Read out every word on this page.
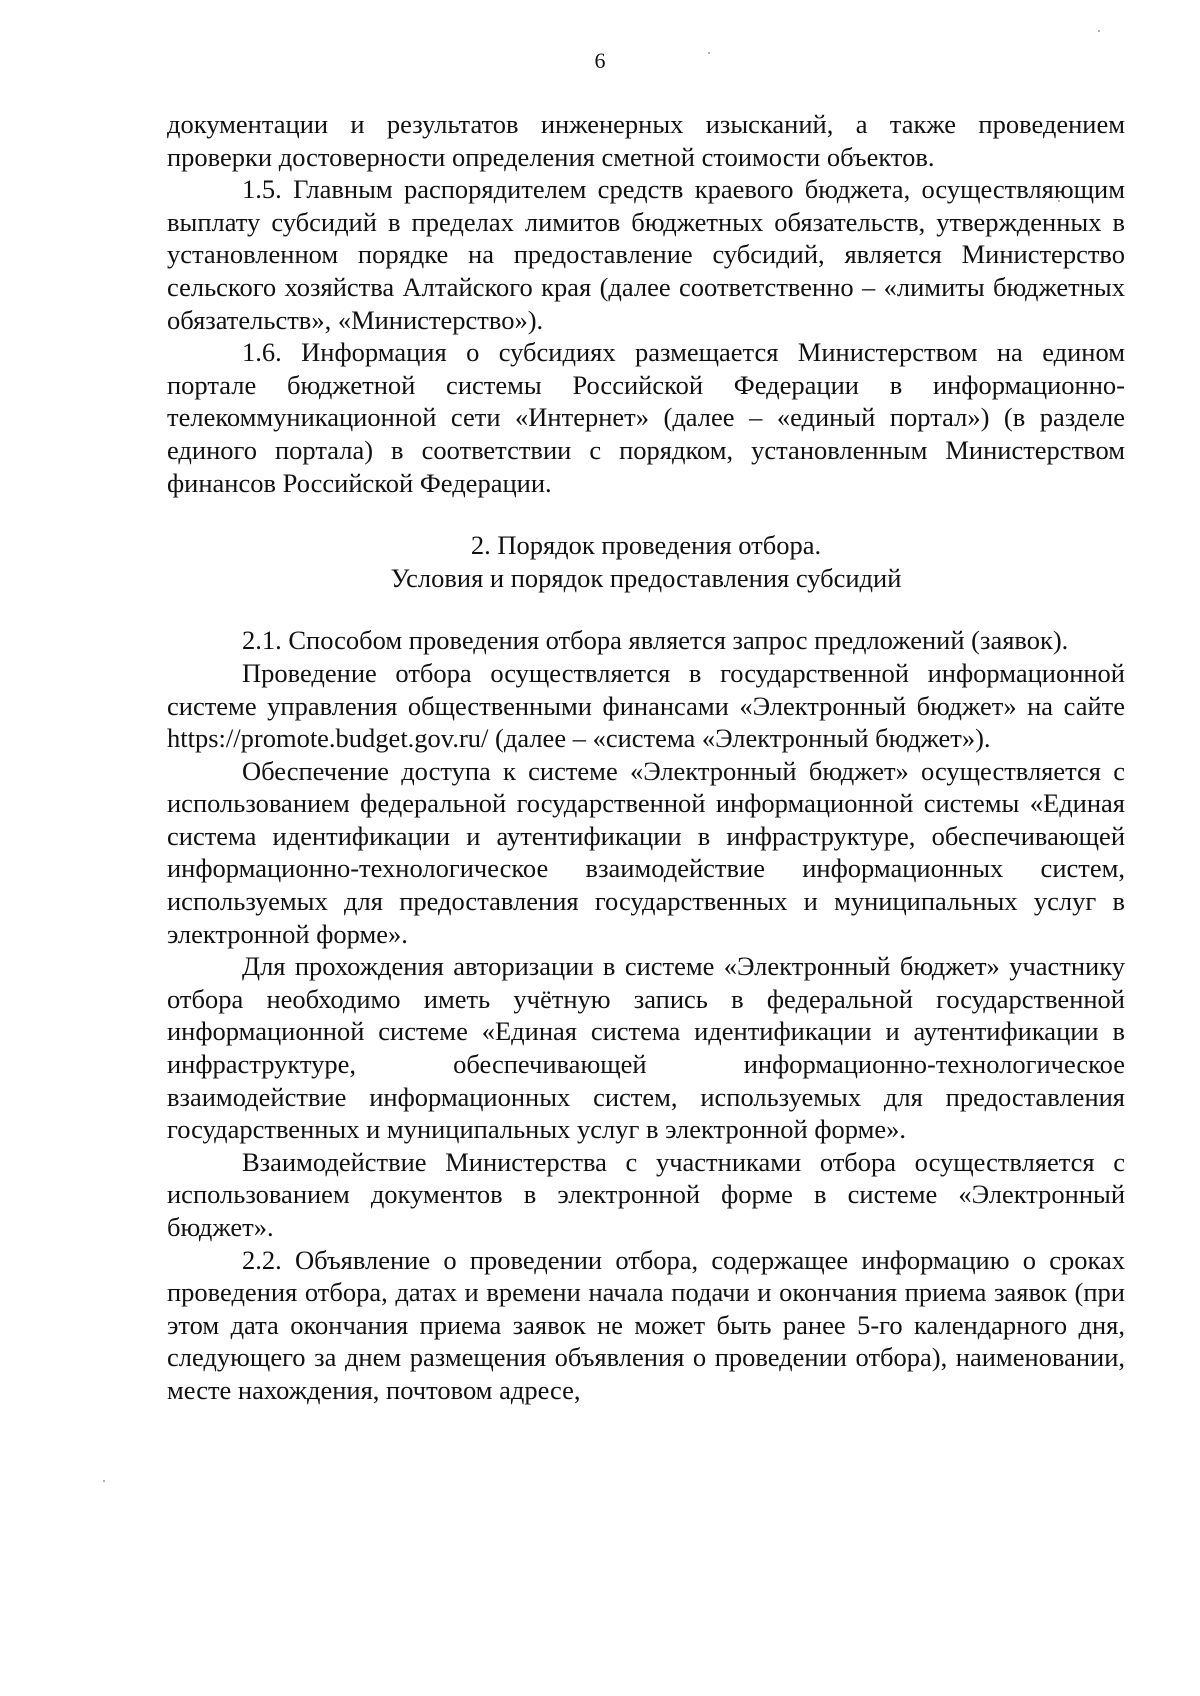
6

документации и результатов инженерных изысканий, а также проведением проверки достоверности определения сметной стоимости объектов.

1.5. Главным распорядителем средств краевого бюджета, осуществляющим выплату субсидий в пределах лимитов бюджетных обязательств, утвержденных в установленном порядке на предоставление субсидий, является Министерство сельского хозяйства Алтайского края (далее соответственно – «лимиты бюджетных обязательств», «Министерство»).

1.6. Информация о субсидиях размещается Министерством на едином портале бюджетной системы Российской Федерации в информационно-телекоммуникационной сети «Интернет» (далее – «единый портал») (в разделе единого портала) в соответствии с порядком, установленным Министерством финансов Российской Федерации.

2. Порядок проведения отбора.
Условия и порядок предоставления субсидий

2.1. Способом проведения отбора является запрос предложений (заявок).

Проведение отбора осуществляется в государственной информационной системе управления общественными финансами «Электронный бюджет» на сайте https://promote.budget.gov.ru/ (далее – «система «Электронный бюджет»).

Обеспечение доступа к системе «Электронный бюджет» осуществляется с использованием федеральной государственной информационной системы «Единая система идентификации и аутентификации в инфраструктуре, обеспечивающей информационно-технологическое взаимодействие информационных систем, используемых для предоставления государственных и муниципальных услуг в электронной форме».

Для прохождения авторизации в системе «Электронный бюджет» участнику отбора необходимо иметь учётную запись в федеральной государственной информационной системе «Единая система идентификации и аутентификации в инфраструктуре, обеспечивающей информационно-технологическое взаимодействие информационных систем, используемых для предоставления государственных и муниципальных услуг в электронной форме».

Взаимодействие Министерства с участниками отбора осуществляется с использованием документов в электронной форме в системе «Электронный бюджет».

2.2. Объявление о проведении отбора, содержащее информацию о сроках проведения отбора, датах и времени начала подачи и окончания приема заявок (при этом дата окончания приема заявок не может быть ранее 5-го календарного дня, следующего за днем размещения объявления о проведении отбора), наименовании, месте нахождения, почтовом адресе,
